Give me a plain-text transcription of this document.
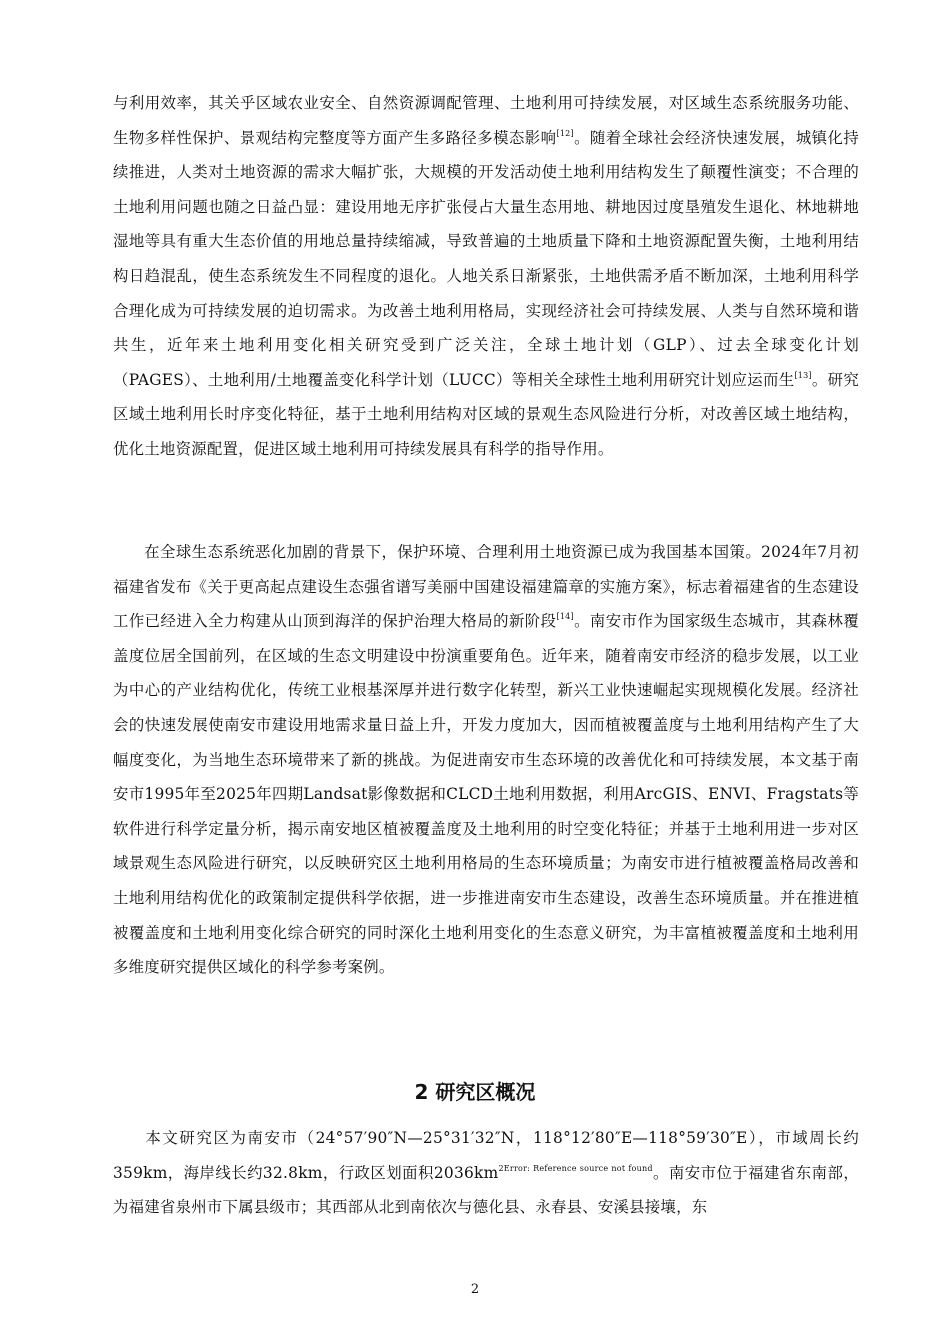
与利用效率，其关乎区域农业安全、自然资源调配管理、土地利用可持续发展，对区域生态系统服务功能、生物多样性保护、景观结构完整度等方面产生多路径多模态影响[12]。随着全球社会经济快速发展，城镇化持续推进，人类对土地资源的需求大幅扩张，大规模的开发活动使土地利用结构发生了颠覆性演变；不合理的土地利用问题也随之日益凸显：建设用地无序扩张侵占大量生态用地、耕地因过度垦殖发生退化、林地耕地湿地等具有重大生态价值的用地总量持续缩减，导致普遍的土地质量下降和土地资源配置失衡，土地利用结构日趋混乱，使生态系统发生不同程度的退化。人地关系日渐紧张，土地供需矛盾不断加深，土地利用科学合理化成为可持续发展的迫切需求。为改善土地利用格局，实现经济社会可持续发展、人类与自然环境和谐共生，近年来土地利用变化相关研究受到广泛关注，全球土地计划（GLP）、过去全球变化计划（PAGES）、土地利用/土地覆盖变化科学计划（LUCC）等相关全球性土地利用研究计划应运而生[13]。研究区域土地利用长时序变化特征，基于土地利用结构对区域的景观生态风险进行分析，对改善区域土地结构，优化土地资源配置，促进区域土地利用可持续发展具有科学的指导作用。

在全球生态系统恶化加剧的背景下，保护环境、合理利用土地资源已成为我国基本国策。2024年7月初福建省发布《关于更高起点建设生态强省谱写美丽中国建设福建篇章的实施方案》，标志着福建省的生态建设工作已经进入全力构建从山顶到海洋的保护治理大格局的新阶段[14]。南安市作为国家级生态城市，其森林覆盖度位居全国前列，在区域的生态文明建设中扮演重要角色。近年来，随着南安市经济的稳步发展，以工业为中心的产业结构优化，传统工业根基深厚并进行数字化转型，新兴工业快速崛起实现规模化发展。经济社会的快速发展使南安市建设用地需求量日益上升，开发力度加大，因而植被覆盖度与土地利用结构产生了大幅度变化，为当地生态环境带来了新的挑战。为促进南安市生态环境的改善优化和可持续发展，本文基于南安市1995年至2025年四期Landsat影像数据和CLCD土地利用数据，利用ArcGIS、ENVI、Fragstats等软件进行科学定量分析，揭示南安地区植被覆盖度及土地利用的时空变化特征；并基于土地利用进一步对区域景观生态风险进行研究，以反映研究区土地利用格局的生态环境质量；为南安市进行植被覆盖格局改善和土地利用结构优化的政策制定提供科学依据，进一步推进南安市生态建设，改善生态环境质量。并在推进植被覆盖度和土地利用变化综合研究的同时深化土地利用变化的生态意义研究，为丰富植被覆盖度和土地利用多维度研究提供区域化的科学参考案例。

2 研究区概况

本文研究区为南安市（24°57′90″N—25°31′32″N，118°12′80″E—118°59′30″E），市域周长约359km，海岸线长约32.8km，行政区划面积$2036km^{2Error: Reference source not found}$。南安市位于福建省东南部，为福建省泉州市下属县级市；其西部从北到南依次与德化县、永春县、安溪县接壤，东

2
